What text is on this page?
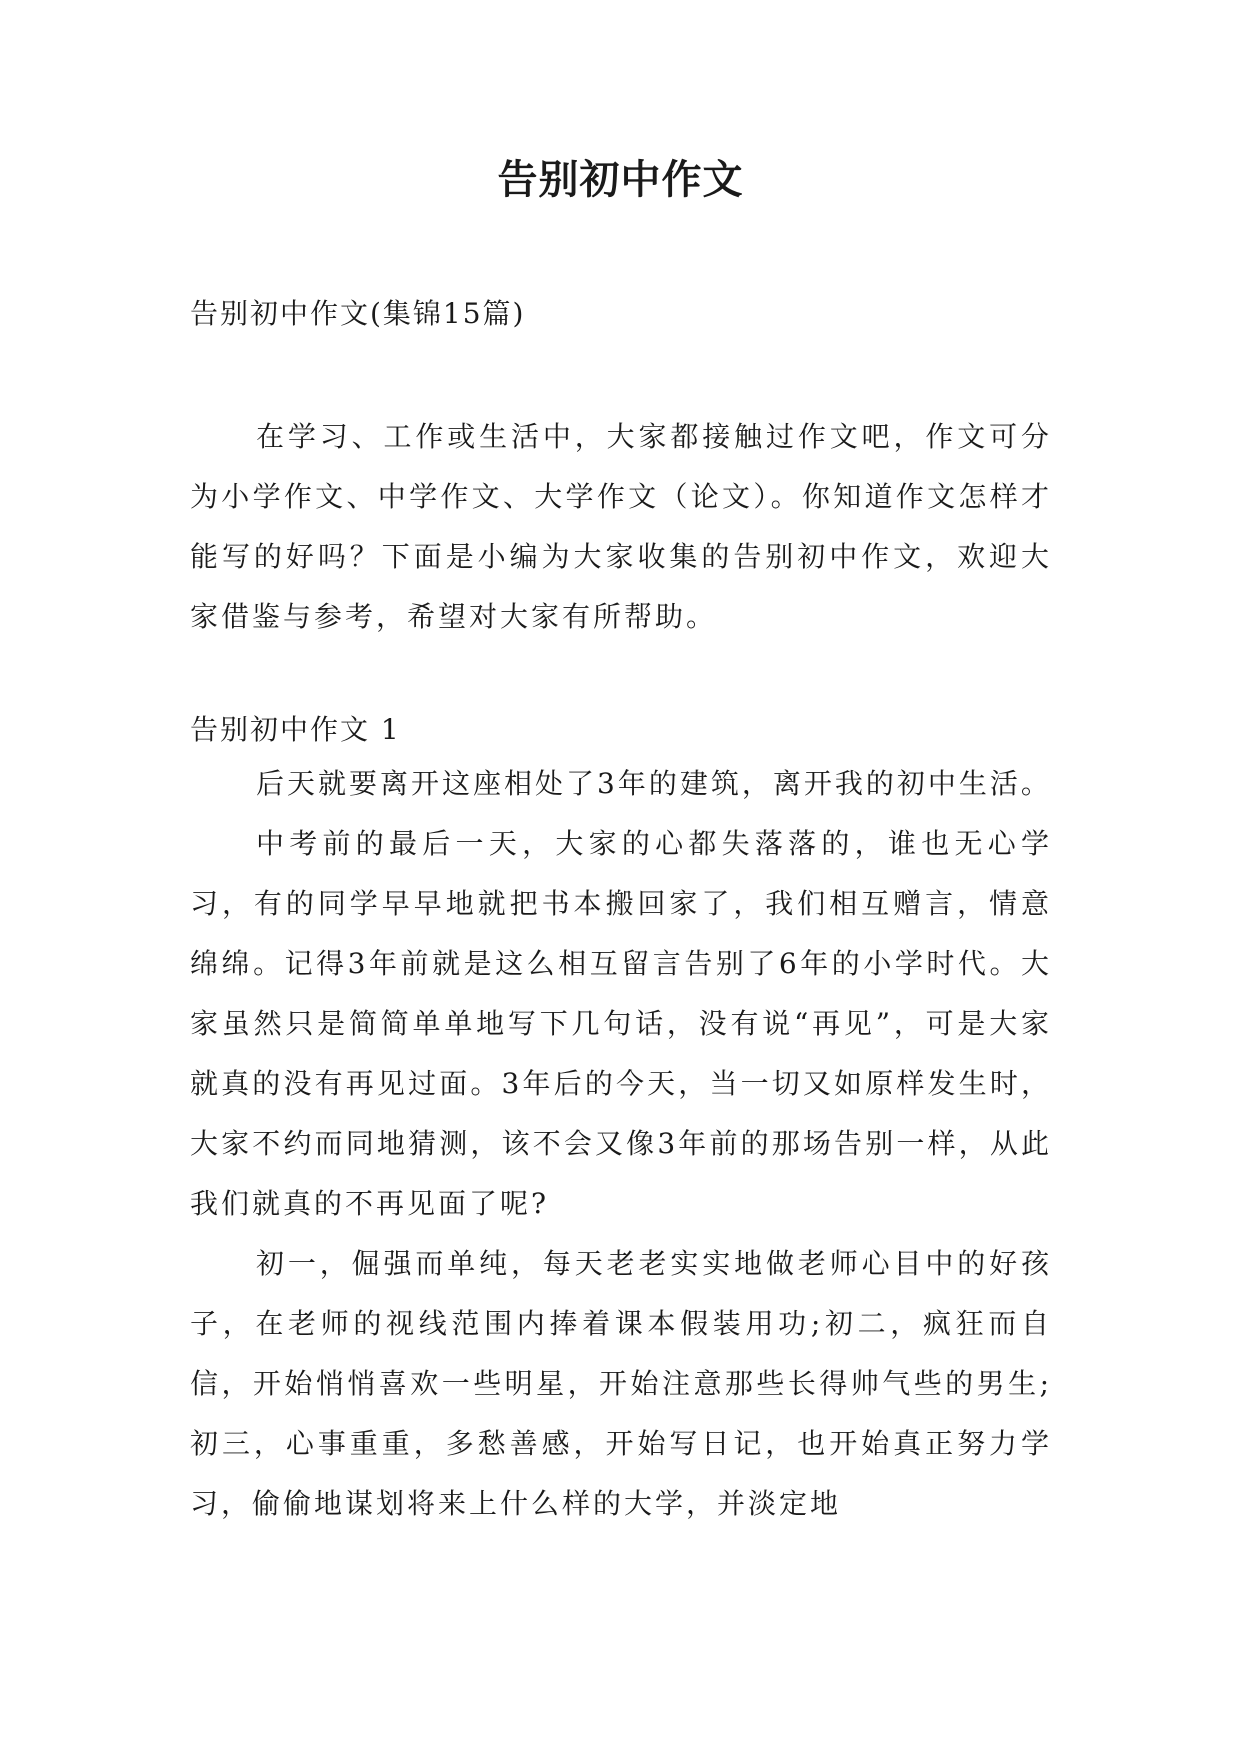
告别初中作文
告别初中作文(集锦15篇)

在学习、工作或生活中，大家都接触过作文吧，作文可分为小学作文、中学作文、大学作文（论文）。你知道作文怎样才能写的好吗？下面是小编为大家收集的告别初中作文，欢迎大家借鉴与参考，希望对大家有所帮助。

告别初中作文 1

后天就要离开这座相处了3年的建筑，离开我的初中生活。

中考前的最后一天，大家的心都失落落的，谁也无心学习，有的同学早早地就把书本搬回家了，我们相互赠言，情意绵绵。记得3年前就是这么相互留言告别了6年的小学时代。大家虽然只是简简单单地写下几句话，没有说“再见”，可是大家就真的没有再见过面。3年后的今天，当一切又如原样发生时，大家不约而同地猜测，该不会又像3年前的那场告别一样，从此我们就真的不再见面了呢?

初一，倔强而单纯，每天老老实实地做老师心目中的好孩子，在老师的视线范围内捧着课本假装用功;初二，疯狂而自信，开始悄悄喜欢一些明星，开始注意那些长得帅气些的男生;初三，心事重重，多愁善感，开始写日记，也开始真正努力学习，偷偷地谋划将来上什么样的大学，并淡定地
